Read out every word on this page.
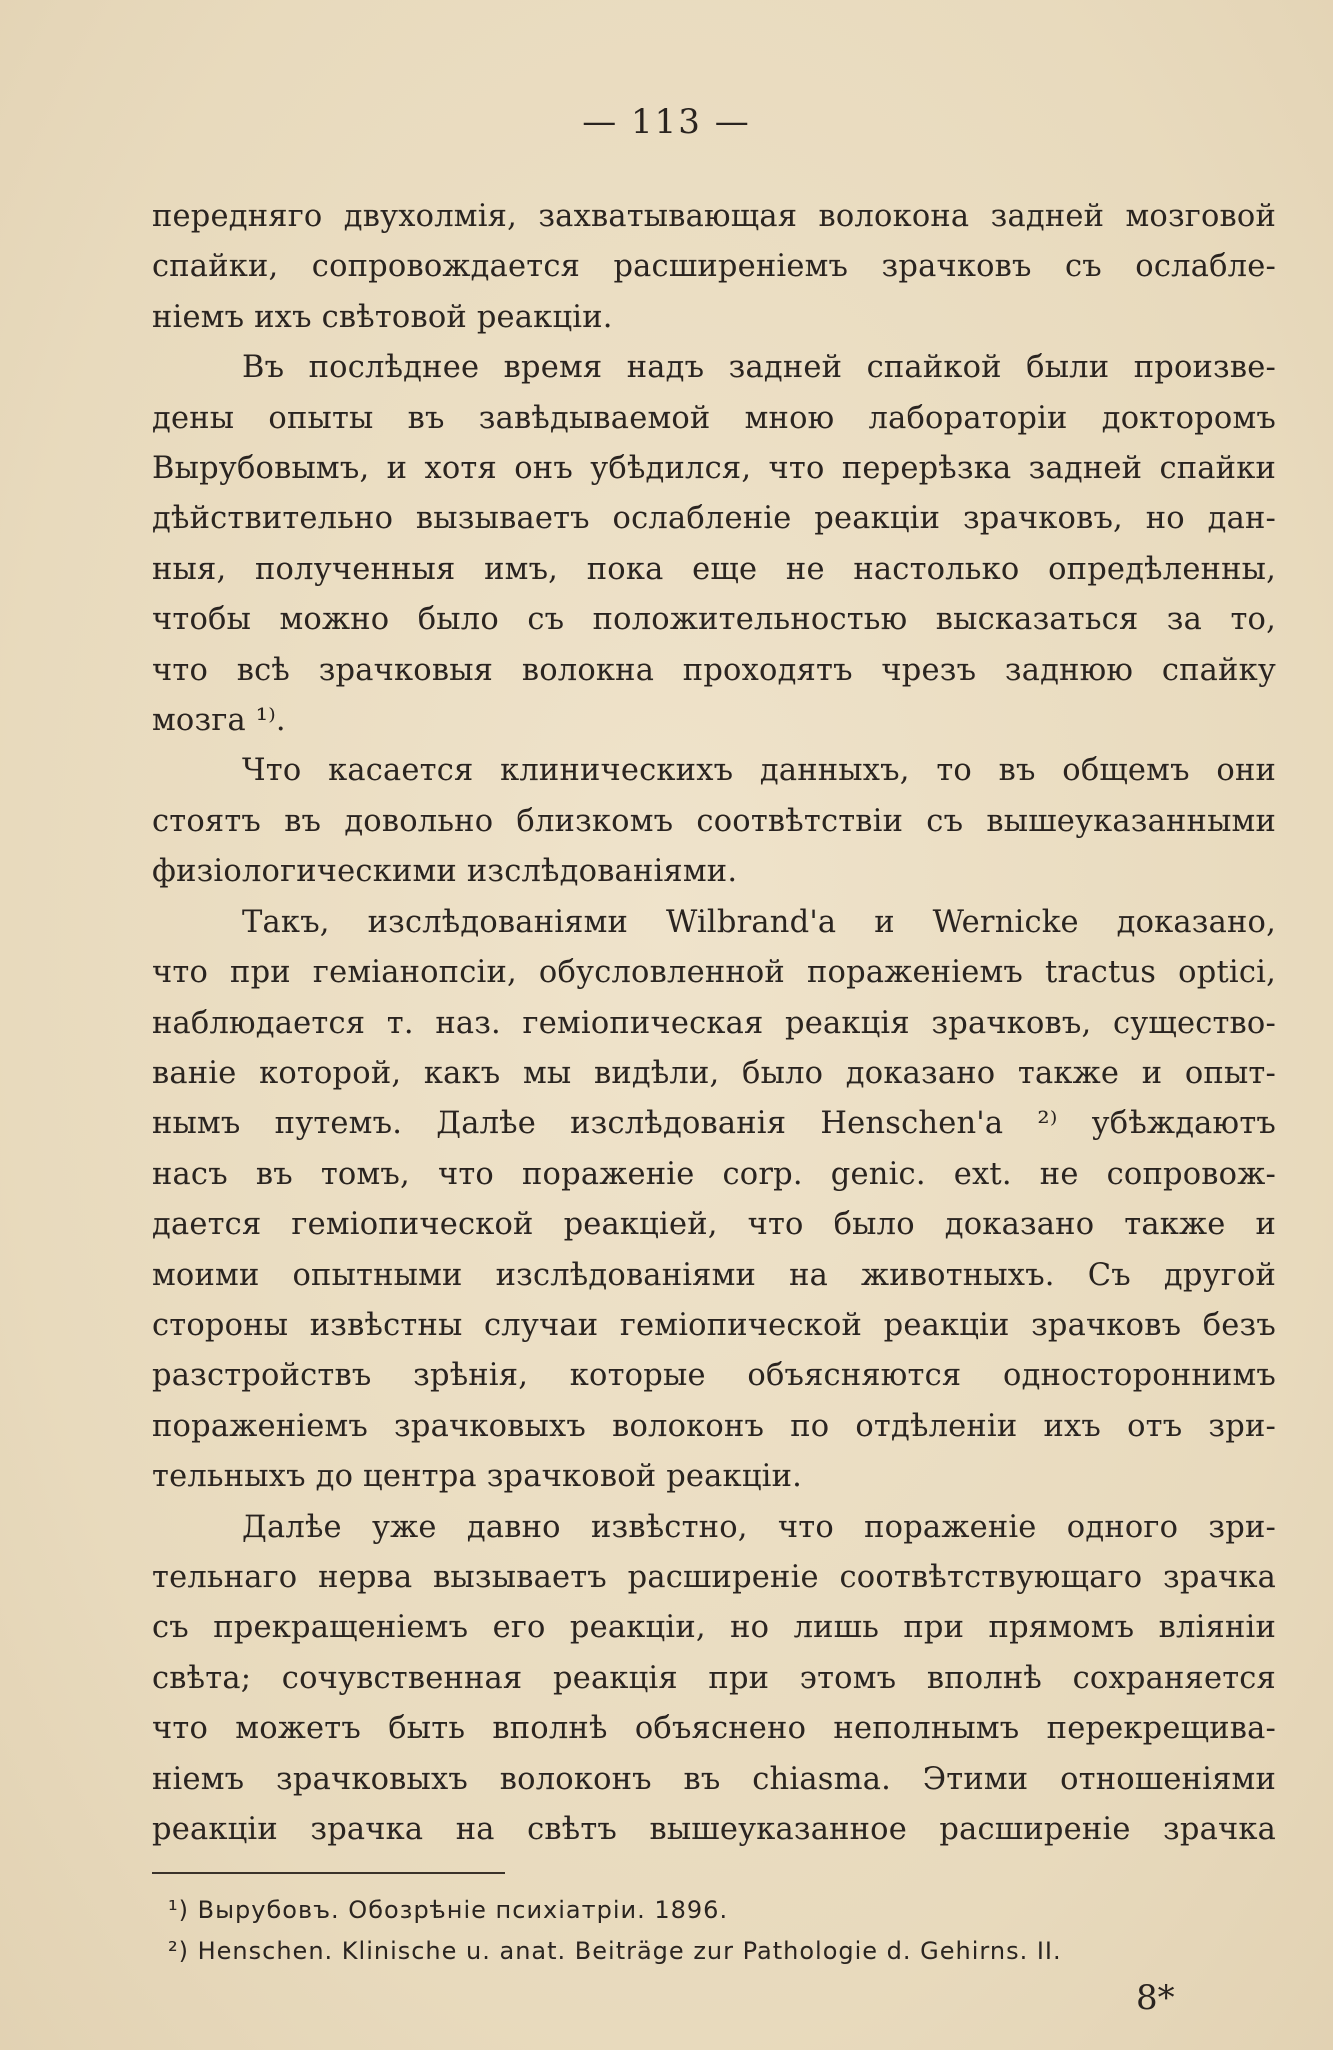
— 113 —

передняго двухолмія, захватывающая волокона задней мозговой
спайки, сопровождается расширеніемъ зрачковъ съ ослабле-
ніемъ ихъ свѣтовой реакціи.

Въ послѣднее время надъ задней спайкой были произве-
дены опыты въ завѣдываемой мною лабораторіи докторомъ
Вырубовымъ, и хотя онъ убѣдился, что перерѣзка задней спайки
дѣйствительно вызываетъ ослабленіе реакціи зрачковъ, но дан-
ныя, полученныя имъ, пока еще не настолько опредѣленны,
чтобы можно было съ положительностью высказаться за то,
что всѣ зрачковыя волокна проходятъ чрезъ заднюю спайку
мозга ¹⁾.

Что касается клиническихъ данныхъ, то въ общемъ они
стоятъ въ довольно близкомъ соотвѣтствіи съ вышеуказанными
физіологическими изслѣдованіями.

Такъ, изслѣдованіями Wilbrand'а и Wernicke доказано,
что при геміанопсіи, обусловленной пораженіемъ tractus optici,
наблюдается т. наз. геміопическая реакція зрачковъ, существо-
ваніе которой, какъ мы видѣли, было доказано также и опыт-
нымъ путемъ. Далѣе изслѣдованія Henschen'а ²⁾ убѣждаютъ
насъ въ томъ, что пораженіе corp. genic. ext. не сопровож-
дается геміопической реакціей, что было доказано также и
моими опытными изслѣдованіями на животныхъ. Съ другой
стороны извѣстны случаи геміопической реакціи зрачковъ безъ
разстройствъ зрѣнія, которые объясняются одностороннимъ
пораженіемъ зрачковыхъ волоконъ по отдѣленіи ихъ отъ зри-
тельныхъ до центра зрачковой реакціи.

Далѣе уже давно извѣстно, что пораженіе одного зри-
тельнаго нерва вызываетъ расширеніе соотвѣтствующаго зрачка
съ прекращеніемъ его реакціи, но лишь при прямомъ вліяніи
свѣта; сочувственная реакція при этомъ вполнѣ сохраняется
что можетъ быть вполнѣ объяснено неполнымъ перекрещива-
ніемъ зрачковыхъ волоконъ въ chiasma. Этими отношеніями
реакціи зрачка на свѣтъ вышеуказанное расширеніе зрачка

¹) Вырубовъ. Обозрѣніе психіатріи. 1896.
²) Henschen. Klinische u. anat. Beiträge zur Pathologie d. Gehirns. II.
8*
